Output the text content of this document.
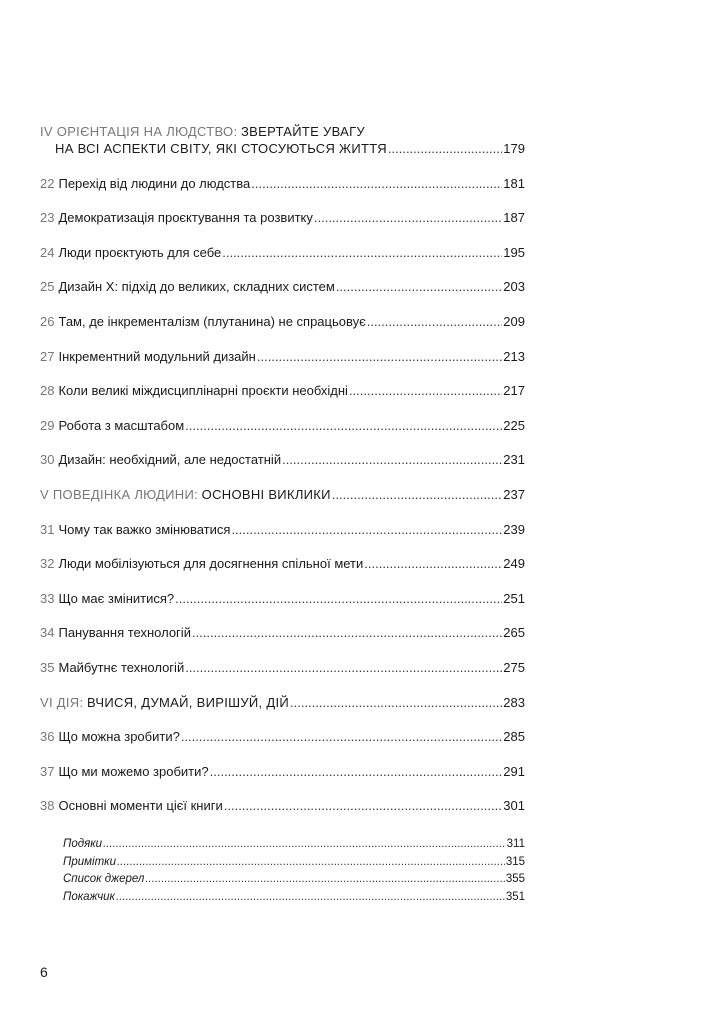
IV ОРІЄНТАЦІЯ НА ЛЮДСТВО:
ЗВЕРТАЙТЕ УВАГУ
НА ВСІ АСПЕКТИ СВІТУ, ЯКІ СТОСУЮТЬСЯ ЖИТТЯ .....	179
22 Перехід від людини до людства .....	181
23 Демократизація проєктування та розвитку .....	187
24 Люди проєктують для себе .....	195
25 Дизайн X: підхід до великих, складних систем .....	203
26 Там, де інкременталізм (плутанина) не спрацьовує .....	209
27 Інкрементний модульний дизайн .....	213
28 Коли великі міждисциплінарні проєкти необхідні .....	217
29 Робота з масштабом .....	225
30 Дизайн: необхідний, але недостатній .....	231
V ПОВЕДІНКА ЛЮДИНИ:
ОСНОВНІ ВИКЛИКИ .....	237
31 Чому так важко змінюватися .....	239
32 Люди мобілізуються для досягнення спільної мети .....	249
33 Що має змінитися? .....	251
34 Панування технологій .....	265
35 Майбутнє технологій .....	275
VI ДІЯ:
ВЧИСЯ, ДУМАЙ, ВИРІШУЙ, ДІЙ .....	283
36 Що можна зробити? .....	285
37 Що ми можемо зробити? .....	291
38 Основні моменти цієї книги .....	301
Подяки .....	311
Примітки .....	315
Список джерел .....	355
Покажчик .....	351
6
